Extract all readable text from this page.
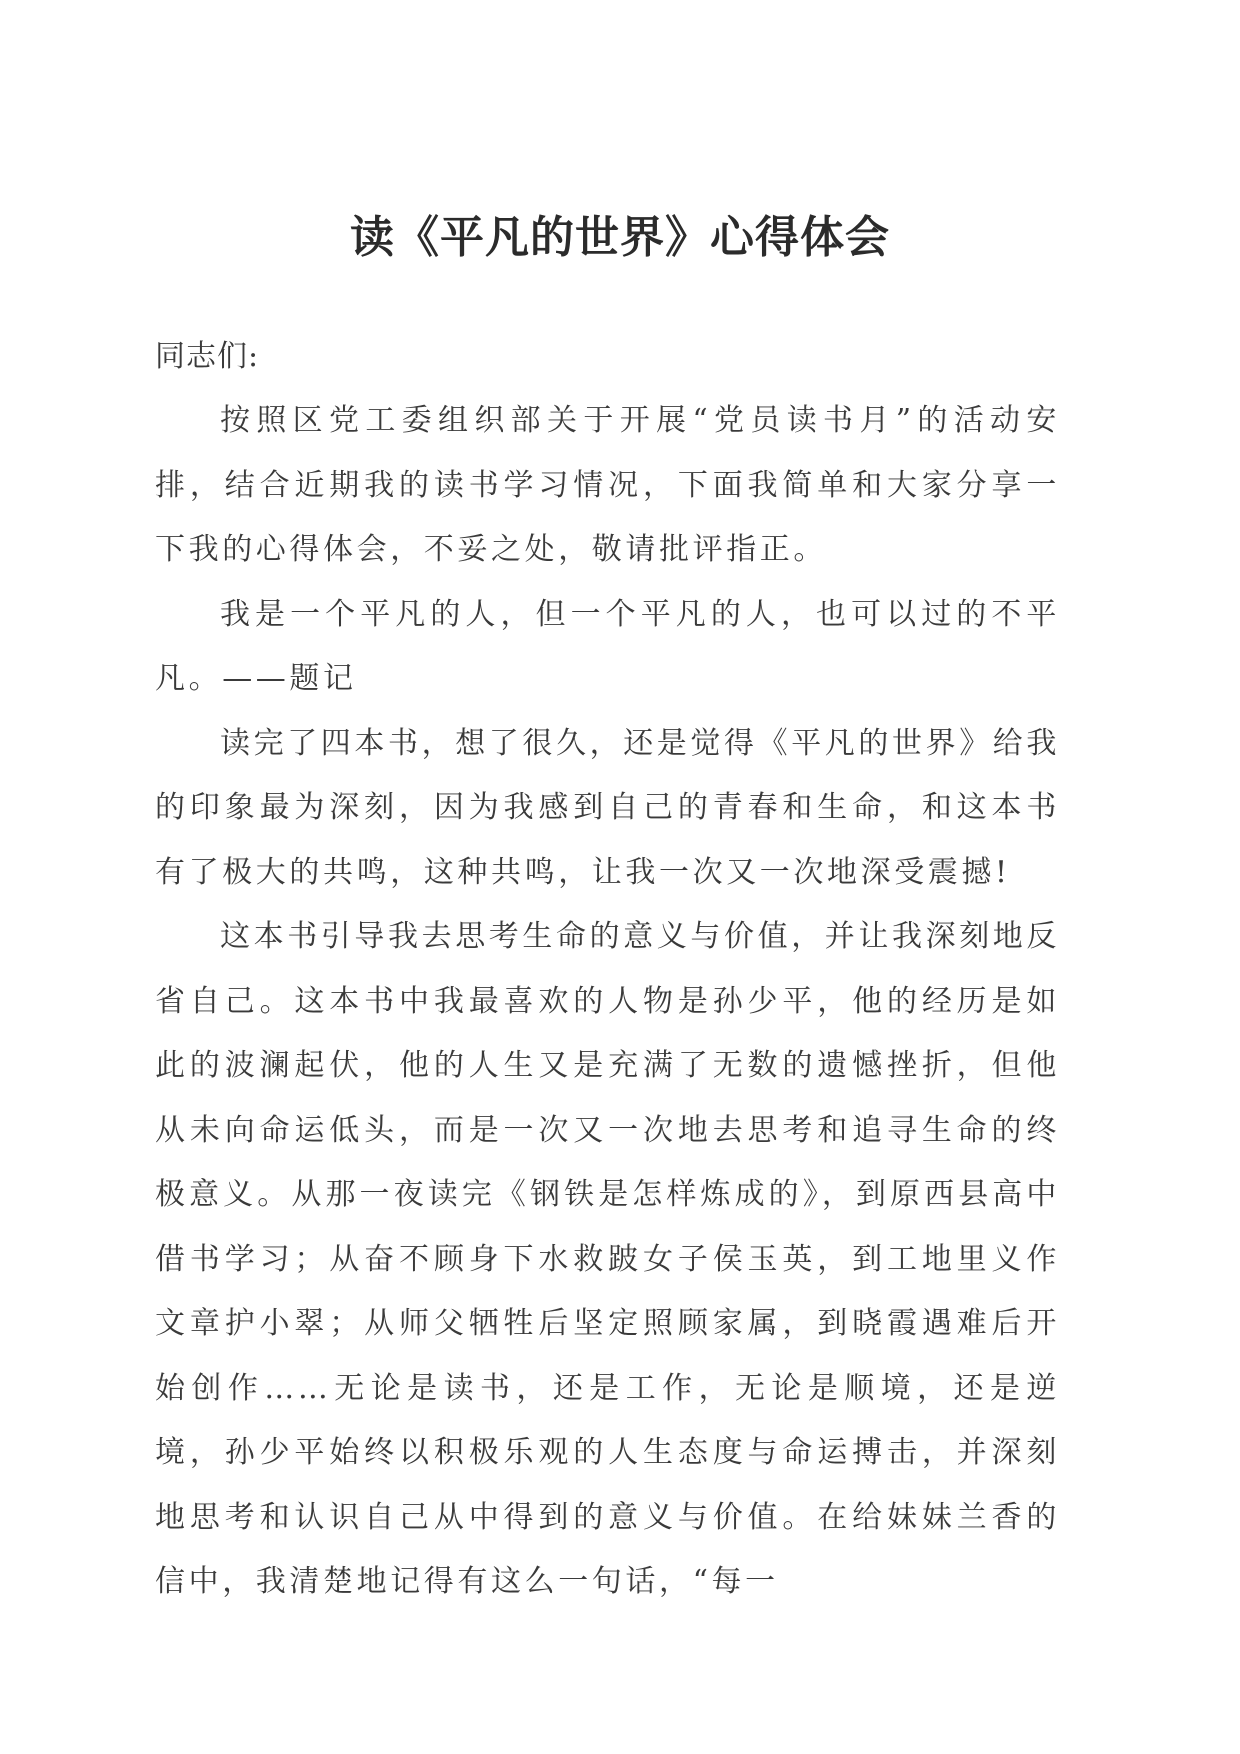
读《平凡的世界》心得体会

同志们:

按照区党工委组织部关于开展“党员读书月”的活动安排，结合近期我的读书学习情况，下面我简单和大家分享一下我的心得体会，不妥之处，敬请批评指正。

我是一个平凡的人，但一个平凡的人，也可以过的不平凡。——题记

读完了四本书，想了很久，还是觉得《平凡的世界》给我的印象最为深刻，因为我感到自己的青春和生命，和这本书有了极大的共鸣，这种共鸣，让我一次又一次地深受震撼!

这本书引导我去思考生命的意义与价值，并让我深刻地反省自己。这本书中我最喜欢的人物是孙少平，他的经历是如此的波澜起伏，他的人生又是充满了无数的遗憾挫折，但他从未向命运低头，而是一次又一次地去思考和追寻生命的终极意义。从那一夜读完《钢铁是怎样炼成的》，到原西县高中借书学习；从奋不顾身下水救跛女子侯玉英，到工地里义作文章护小翠；从师父牺牲后坚定照顾家属，到晓霞遇难后开始创作……无论是读书，还是工作，无论是顺境，还是逆境，孙少平始终以积极乐观的人生态度与命运搏击，并深刻地思考和认识自己从中得到的意义与价值。在给妹妹兰香的信中，我清楚地记得有这么一句话，“每一
